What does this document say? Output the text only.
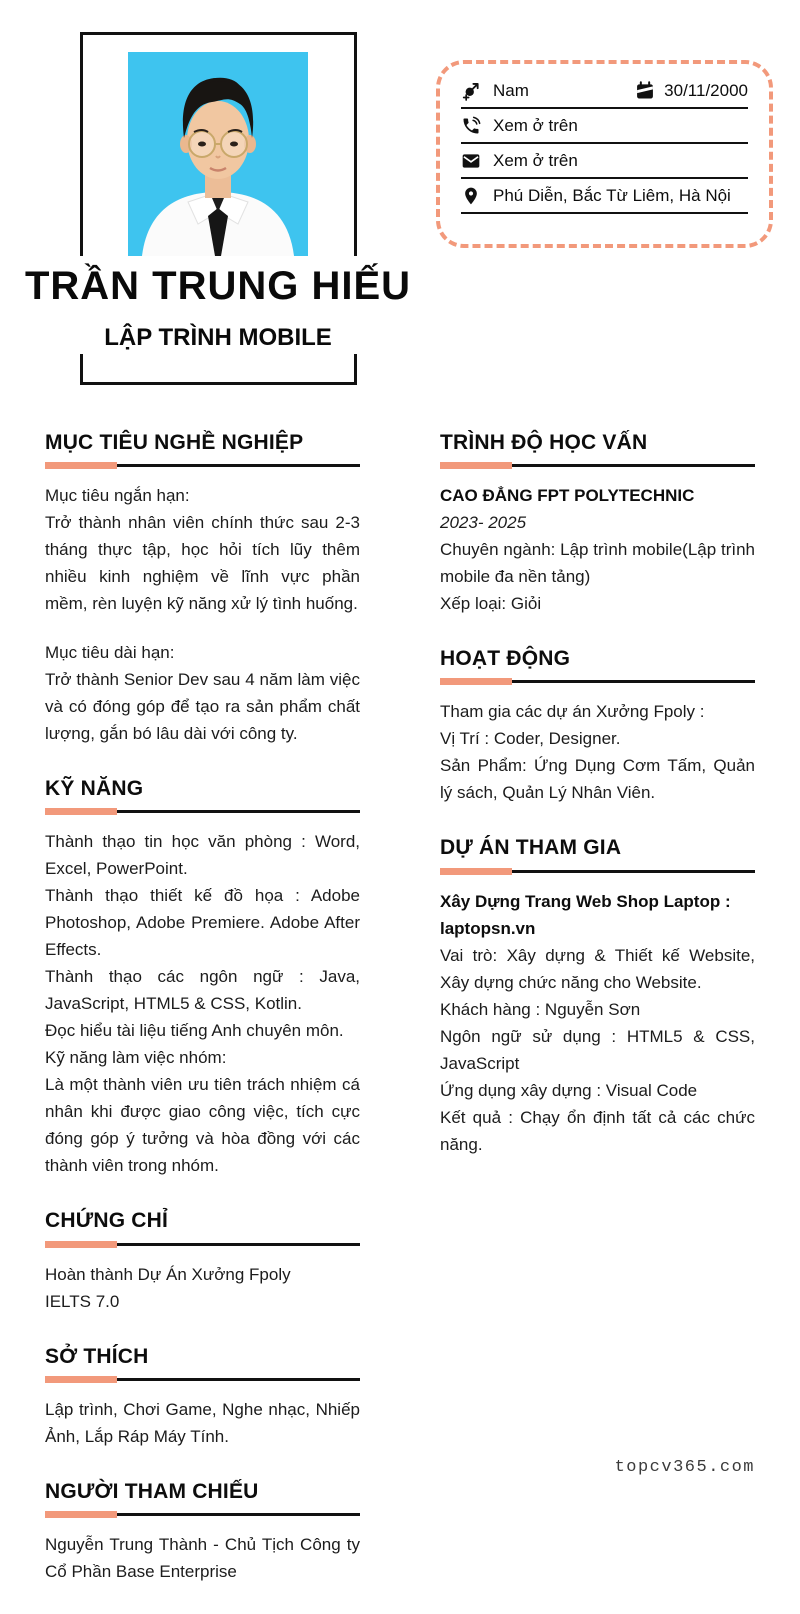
TRẦN TRUNG HIẾU
LẬP TRÌNH MOBILE
Nam	30/11/2000
Xem ở trên
Xem ở trên
Phú Diễn, Bắc Từ Liêm, Hà Nội
MỤC TIÊU NGHỀ NGHIỆP

Mục tiêu ngắn hạn:

Trở thành nhân viên chính thức sau 2-3 tháng thực tập, học hỏi tích lũy thêm nhiều kinh nghiệm về lĩnh vực phần mềm, rèn luyện kỹ năng xử lý tình huống.

Mục tiêu dài hạn:

Trở thành Senior Dev sau 4 năm làm việc và có đóng góp để tạo ra sản phẩm chất lượng, gắn bó lâu dài với công ty.

KỸ NĂNG

Thành thạo tin học văn phòng : Word, Excel, PowerPoint.

Thành thạo thiết kế đồ họa : Adobe Photoshop, Adobe Premiere. Adobe After Effects.

Thành thạo các ngôn ngữ : Java, JavaScript, HTML5 & CSS, Kotlin.

Đọc hiểu tài liệu tiếng Anh chuyên môn.

Kỹ năng làm việc nhóm:

Là một thành viên ưu tiên trách nhiệm cá nhân khi được giao công việc, tích cực đóng góp ý tưởng và hòa đồng với các thành viên trong nhóm.

CHỨNG CHỈ

Hoàn thành Dự Án Xưởng Fpoly

IELTS 7.0

SỞ THÍCH

Lập trình, Chơi Game, Nghe nhạc, Nhiếp Ảnh, Lắp Ráp Máy Tính.

NGƯỜI THAM CHIẾU

Nguyễn Trung Thành - Chủ Tịch Công ty Cổ Phần Base Enterprise

TRÌNH ĐỘ HỌC VẤN

CAO ĐẲNG FPT POLYTECHNIC

2023- 2025

Chuyên ngành: Lập trình mobile(Lập trình mobile đa nền tảng)

Xếp loại: Giỏi

HOẠT ĐỘNG

Tham gia các dự án Xưởng Fpoly :

Vị Trí : Coder, Designer.

Sản Phẩm: Ứng Dụng Cơm Tấm, Quản lý sách, Quản Lý Nhân Viên.

DỰ ÁN THAM GIA

Xây Dựng Trang Web Shop Laptop : laptopsn.vn

Vai trò: Xây dựng & Thiết kế Website, Xây dựng chức năng cho Website.

Khách hàng : Nguyễn Sơn

Ngôn ngữ sử dụng : HTML5 & CSS, JavaScript

Ứng dụng xây dựng : Visual Code

Kết quả : Chạy ổn định tất cả các chức năng.

topcv365.com
